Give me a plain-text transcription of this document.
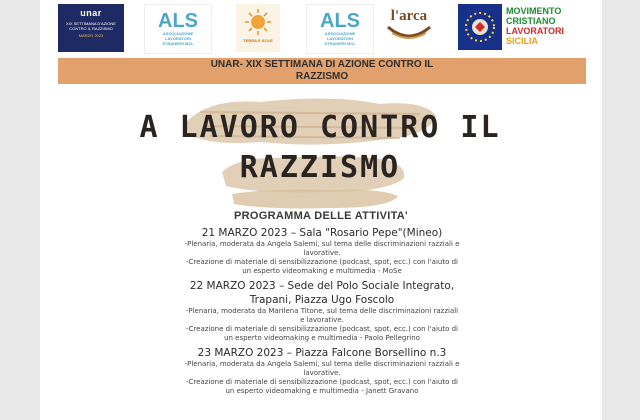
unar
XIX SETTIMANA D'AZIONE CONTRO IL RAZZISMO
MARZO 2023
ALS
ASSOCIAZIONE
LAVORATORI
STRANIERI MCL
TERRA E SOLE
ALS
ASSOCIAZIONE
LAVORATORI
STRANIERI MCL
l'arca	MOVIMENTO
CRISTIANO
LAVORATORI
SICILIA
UNAR- XIX SETTIMANA DI AZIONE CONTRO IL
RAZZISMO
A LAVORO CONTRO IL
RAZZISMO
PROGRAMMA DELLE ATTIVITA'
21 MARZO 2023 – Sala "Rosario Pepe"(Mineo)
-Plenaria, moderata da Angela Salemi, sul tema delle discriminazioni razziali e
lavorative.
-Creazione di materiale di sensibilizzazione (podcast, spot, ecc.) con l'aiuto di
un esperto videomaking e multimedia - MoSe
22 MARZO 2023 – Sede del Polo Sociale Integrato,
Trapani, Piazza Ugo Foscolo
-Plenaria, moderata da Marilena Titone, sul tema delle discriminazioni razziali
e lavorative.
-Creazione di materiale di sensibilizzazione (podcast, spot, ecc.) con l'aiuto di
un esperto videomaking e multimedia - Paolo Pellegrino
23 MARZO 2023 – Piazza Falcone Borsellino n.3
-Plenaria, moderata da Angela Salemi, sul tema delle discriminazioni razziali e
lavorative.
-Creazione di materiale di sensibilizzazione (podcast, spot, ecc.) con l'aiuto di
un esperto videomaking e multimedia - Janett Gravano
